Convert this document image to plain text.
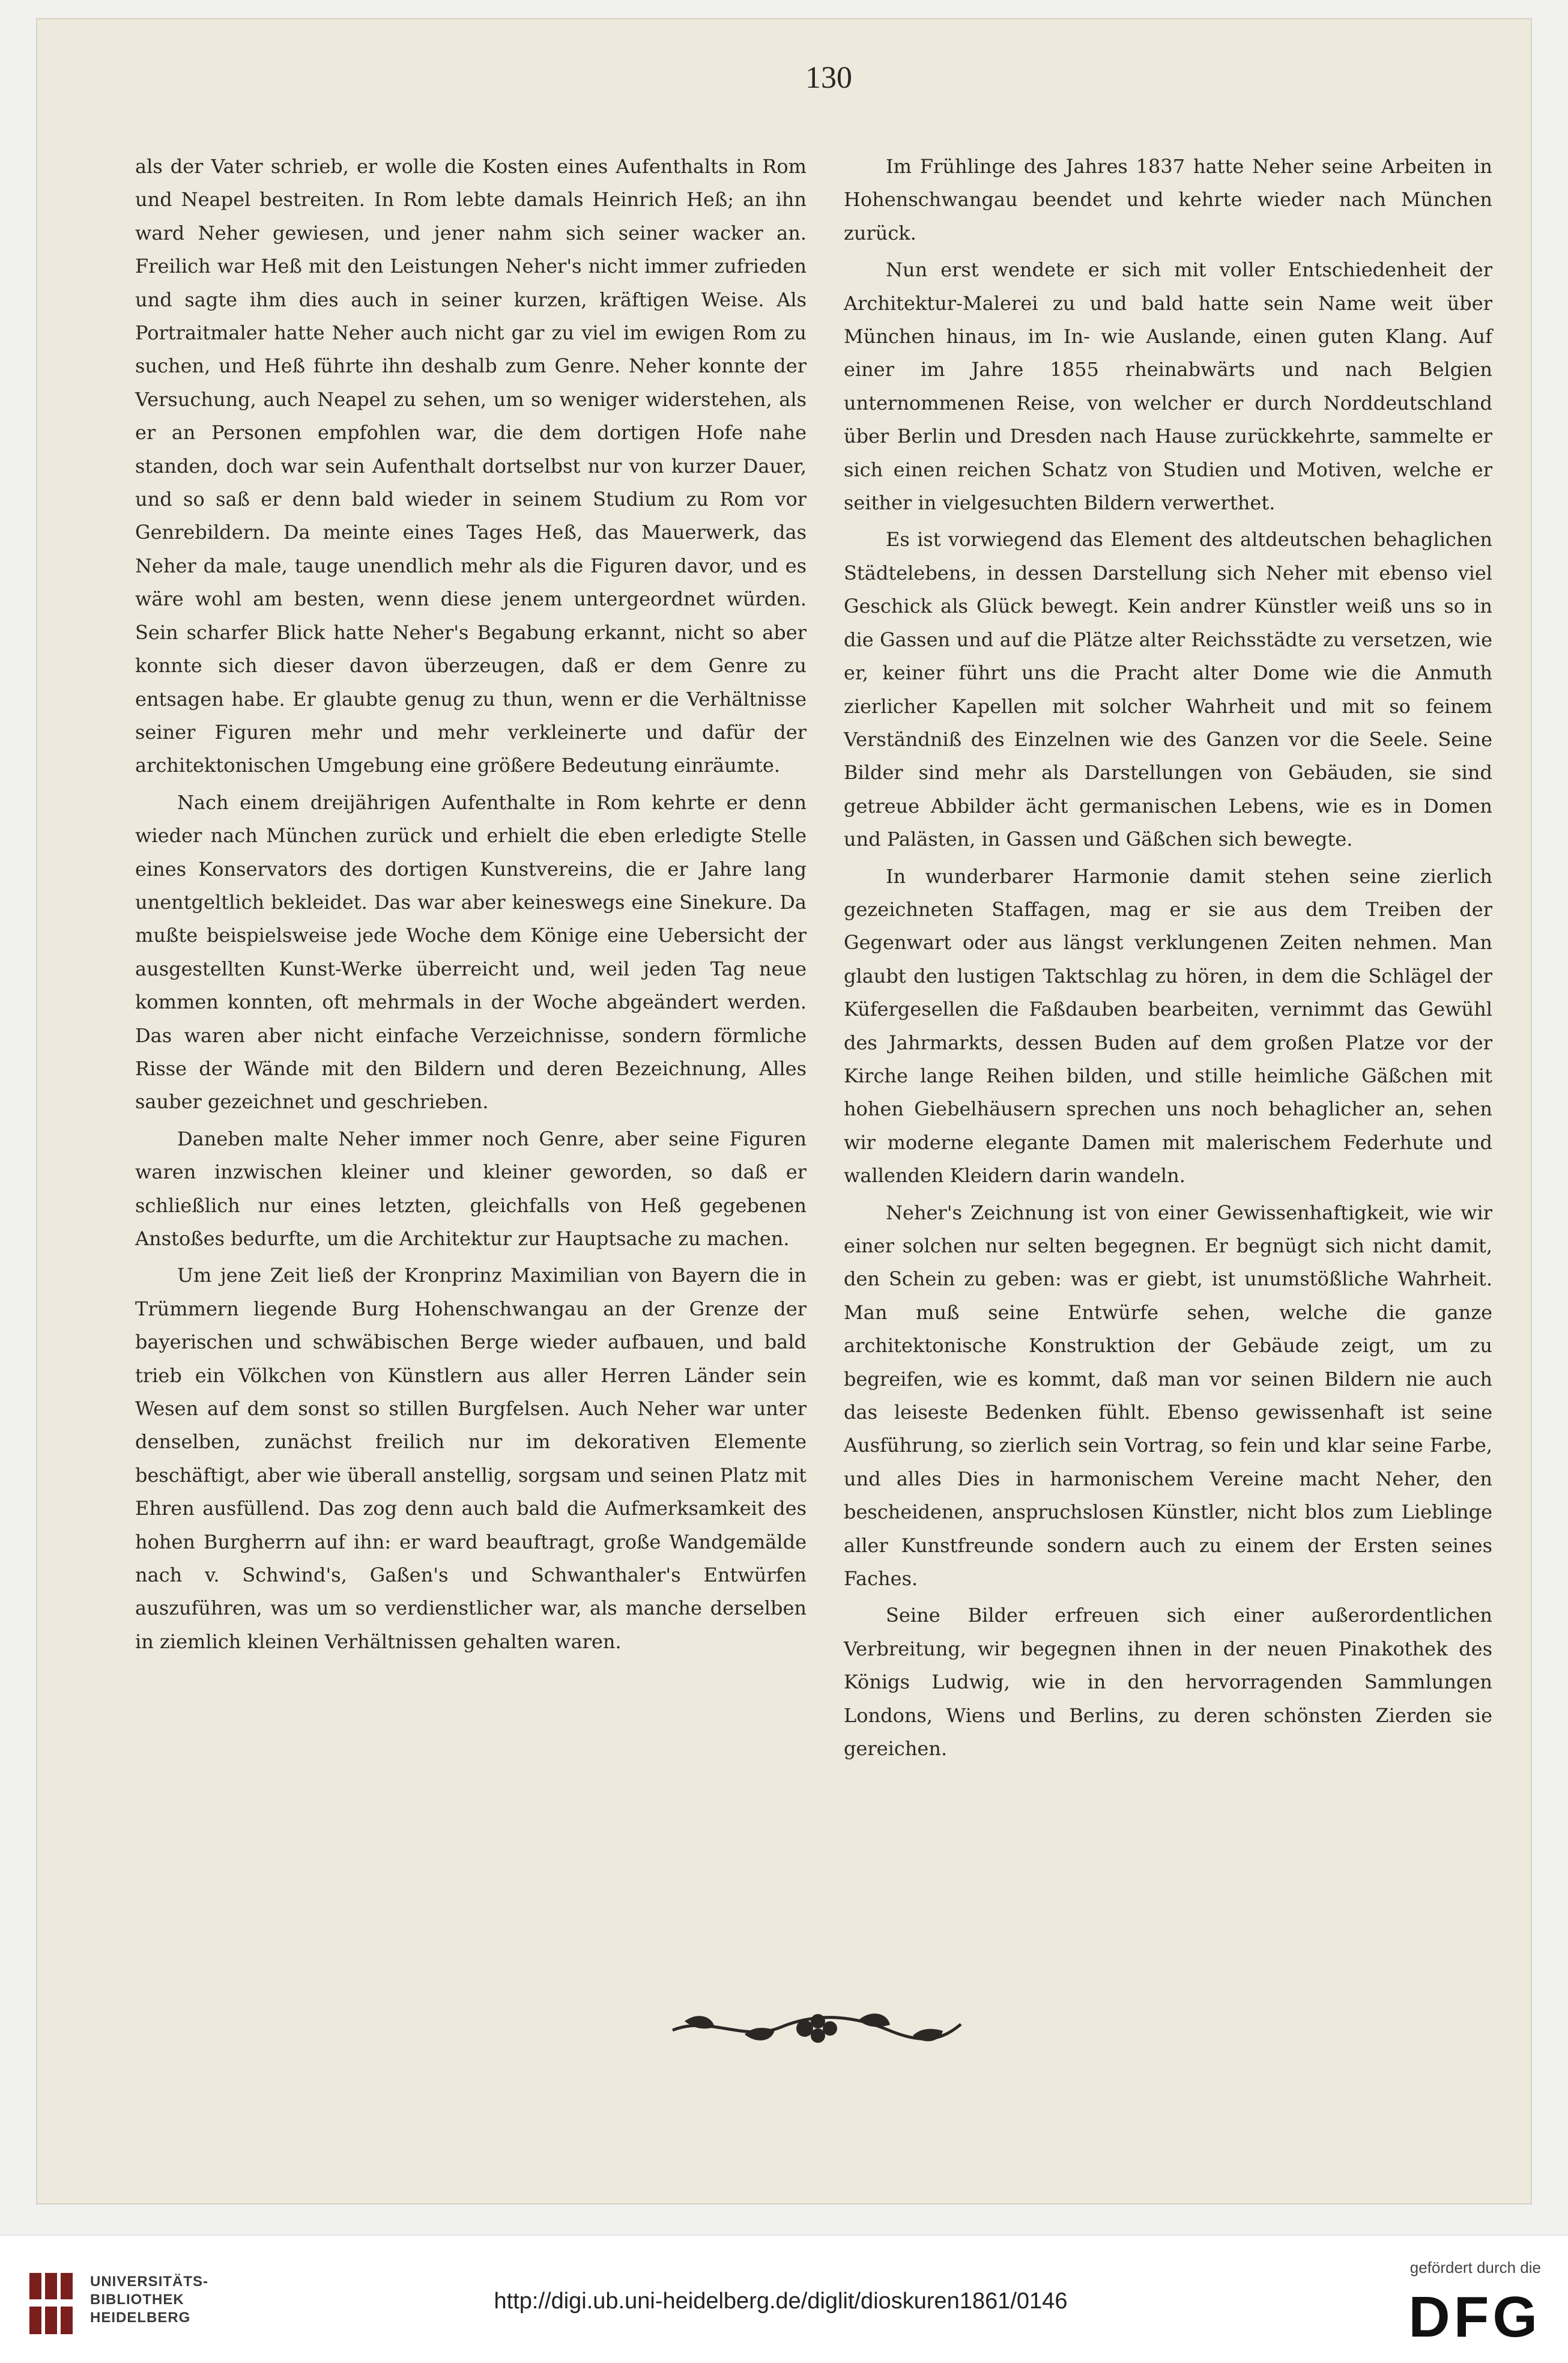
130

als der Vater schrieb, er wolle die Kosten eines Aufenthalts in Rom und Neapel bestreiten. In Rom lebte damals Heinrich Heß; an ihn ward Neher gewiesen, und jener nahm sich seiner wacker an. Freilich war Heß mit den Leistungen Neher's nicht immer zufrieden und sagte ihm dies auch in seiner kurzen, kräftigen Weise. Als Portraitmaler hatte Neher auch nicht gar zu viel im ewigen Rom zu suchen, und Heß führte ihn deshalb zum Genre. Neher konnte der Versuchung, auch Neapel zu sehen, um so weniger widerstehen, als er an Personen empfohlen war, die dem dortigen Hofe nahe standen, doch war sein Aufenthalt dortselbst nur von kurzer Dauer, und so saß er denn bald wieder in seinem Studium zu Rom vor Genrebildern. Da meinte eines Tages Heß, das Mauerwerk, das Neher da male, tauge unendlich mehr als die Figuren davor, und es wäre wohl am besten, wenn diese jenem untergeordnet würden. Sein scharfer Blick hatte Neher's Begabung erkannt, nicht so aber konnte sich dieser davon überzeugen, daß er dem Genre zu entsagen habe. Er glaubte genug zu thun, wenn er die Verhältnisse seiner Figuren mehr und mehr verkleinerte und dafür der architektonischen Umgebung eine größere Bedeutung einräumte.

Nach einem dreijährigen Aufenthalte in Rom kehrte er denn wieder nach München zurück und erhielt die eben erledigte Stelle eines Konservators des dortigen Kunstvereins, die er Jahre lang unentgeltlich bekleidet. Das war aber keineswegs eine Sinekure. Da mußte beispielsweise jede Woche dem Könige eine Uebersicht der ausgestellten Kunst-Werke überreicht und, weil jeden Tag neue kommen konnten, oft mehrmals in der Woche abgeändert werden. Das waren aber nicht einfache Verzeichnisse, sondern förmliche Risse der Wände mit den Bildern und deren Bezeichnung, Alles sauber gezeichnet und geschrieben.

Daneben malte Neher immer noch Genre, aber seine Figuren waren inzwischen kleiner und kleiner geworden, so daß er schließlich nur eines letzten, gleichfalls von Heß gegebenen Anstoßes bedurfte, um die Architektur zur Hauptsache zu machen.

Um jene Zeit ließ der Kronprinz Maximilian von Bayern die in Trümmern liegende Burg Hohenschwangau an der Grenze der bayerischen und schwäbischen Berge wieder aufbauen, und bald trieb ein Völkchen von Künstlern aus aller Herren Länder sein Wesen auf dem sonst so stillen Burgfelsen. Auch Neher war unter denselben, zunächst freilich nur im dekorativen Elemente beschäftigt, aber wie überall anstellig, sorgsam und seinen Platz mit Ehren ausfüllend. Das zog denn auch bald die Aufmerksamkeit des hohen Burgherrn auf ihn: er ward beauftragt, große Wandgemälde nach v. Schwind's, Gaßen's und Schwanthaler's Entwürfen auszuführen, was um so verdienstlicher war, als manche derselben in ziemlich kleinen Verhältnissen gehalten waren.

Im Frühlinge des Jahres 1837 hatte Neher seine Arbeiten in Hohenschwangau beendet und kehrte wieder nach München zurück.

Nun erst wendete er sich mit voller Entschiedenheit der Architektur-Malerei zu und bald hatte sein Name weit über München hinaus, im In- wie Auslande, einen guten Klang. Auf einer im Jahre 1855 rheinabwärts und nach Belgien unternommenen Reise, von welcher er durch Norddeutschland über Berlin und Dresden nach Hause zurückkehrte, sammelte er sich einen reichen Schatz von Studien und Motiven, welche er seither in vielgesuchten Bildern verwerthet.

Es ist vorwiegend das Element des altdeutschen behaglichen Städtelebens, in dessen Darstellung sich Neher mit ebenso viel Geschick als Glück bewegt. Kein andrer Künstler weiß uns so in die Gassen und auf die Plätze alter Reichsstädte zu versetzen, wie er, keiner führt uns die Pracht alter Dome wie die Anmuth zierlicher Kapellen mit solcher Wahrheit und mit so feinem Verständniß des Einzelnen wie des Ganzen vor die Seele. Seine Bilder sind mehr als Darstellungen von Gebäuden, sie sind getreue Abbilder ächt germanischen Lebens, wie es in Domen und Palästen, in Gassen und Gäßchen sich bewegte.

In wunderbarer Harmonie damit stehen seine zierlich gezeichneten Staffagen, mag er sie aus dem Treiben der Gegenwart oder aus längst verklungenen Zeiten nehmen. Man glaubt den lustigen Taktschlag zu hören, in dem die Schlägel der Küfergesellen die Faßdauben bearbeiten, vernimmt das Gewühl des Jahrmarkts, dessen Buden auf dem großen Platze vor der Kirche lange Reihen bilden, und stille heimliche Gäßchen mit hohen Giebelhäusern sprechen uns noch behaglicher an, sehen wir moderne elegante Damen mit malerischem Federhute und wallenden Kleidern darin wandeln.

Neher's Zeichnung ist von einer Gewissenhaftigkeit, wie wir einer solchen nur selten begegnen. Er begnügt sich nicht damit, den Schein zu geben: was er giebt, ist unumstößliche Wahrheit. Man muß seine Entwürfe sehen, welche die ganze architektonische Konstruktion der Gebäude zeigt, um zu begreifen, wie es kommt, daß man vor seinen Bildern nie auch das leiseste Bedenken fühlt. Ebenso gewissenhaft ist seine Ausführung, so zierlich sein Vortrag, so fein und klar seine Farbe, und alles Dies in harmonischem Vereine macht Neher, den bescheidenen, anspruchslosen Künstler, nicht blos zum Lieblinge aller Kunstfreunde sondern auch zu einem der Ersten seines Faches.

Seine Bilder erfreuen sich einer außerordentlichen Verbreitung, wir begegnen ihnen in der neuen Pinakothek des Königs Ludwig, wie in den hervorragenden Sammlungen Londons, Wiens und Berlins, zu deren schönsten Zierden sie gereichen.

UNIVERSITÄTS-
BIBLIOTHEK
HEIDELBERG
http://digi.ub.uni-heidelberg.de/diglit/dioskuren1861/0146
gefördert durch die
DFG
